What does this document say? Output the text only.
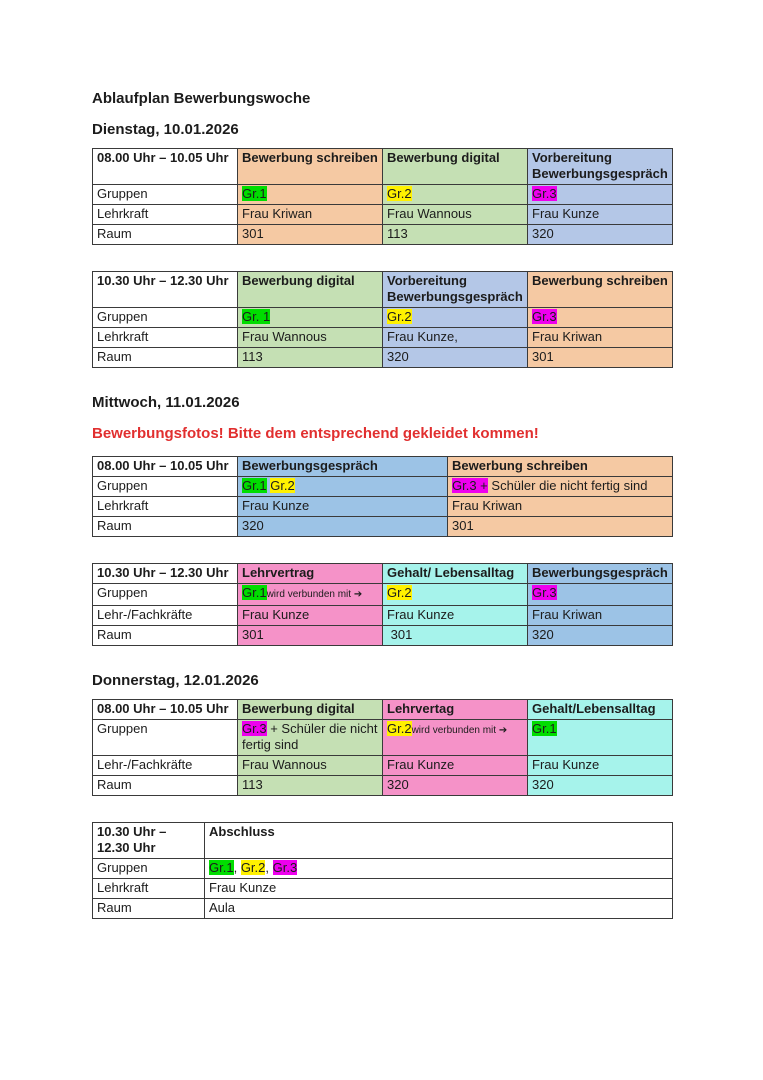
Ablaufplan Bewerbungswoche
Dienstag, 10.01.2026
08.00 Uhr – 10.05 Uhr	Bewerbung schreiben	Bewerbung digital	Vorbereitung Bewerbungsgespräch
Gruppen	Gr.1	Gr.2	Gr.3
Lehrkraft	Frau Kriwan	Frau Wannous	Frau Kunze
Raum	301	113	320
10.30 Uhr – 12.30 Uhr	Bewerbung digital	Vorbereitung Bewerbungsgespräch	Bewerbung schreiben
Gruppen	Gr. 1	Gr.2	Gr.3
Lehrkraft	Frau Wannous	Frau Kunze,	Frau Kriwan
Raum	113	320	301
Mittwoch, 11.01.2026
Bewerbungsfotos! Bitte dem entsprechend gekleidet kommen!
08.00 Uhr – 10.05 Uhr	Bewerbungsgespräch	Bewerbung schreiben
Gruppen	Gr.1 Gr.2	Gr.3 + Schüler die nicht fertig sind
Lehrkraft	Frau Kunze	Frau Kriwan
Raum	320	301
10.30 Uhr – 12.30 Uhr	Lehrvertrag	Gehalt/ Lebensalltag	Bewerbungsgespräch
Gruppen	Gr.1wird verbunden mit ➔	Gr.2	Gr.3
Lehr-/Fachkräfte	Frau Kunze	Frau Kunze	Frau Kriwan
Raum	301	301	320
Donnerstag, 12.01.2026
08.00 Uhr – 10.05 Uhr	Bewerbung digital	Lehrvertag	Gehalt/Lebensalltag
Gruppen	Gr.3 + Schüler die nicht fertig sind	Gr.2wird verbunden mit ➔	Gr.1
Lehr-/Fachkräfte	Frau Wannous	Frau Kunze	Frau Kunze
Raum	113	320	320
10.30 Uhr – 12.30 Uhr	Abschluss
Gruppen	Gr.1, Gr.2, Gr.3
Lehrkraft	Frau Kunze
Raum	Aula
